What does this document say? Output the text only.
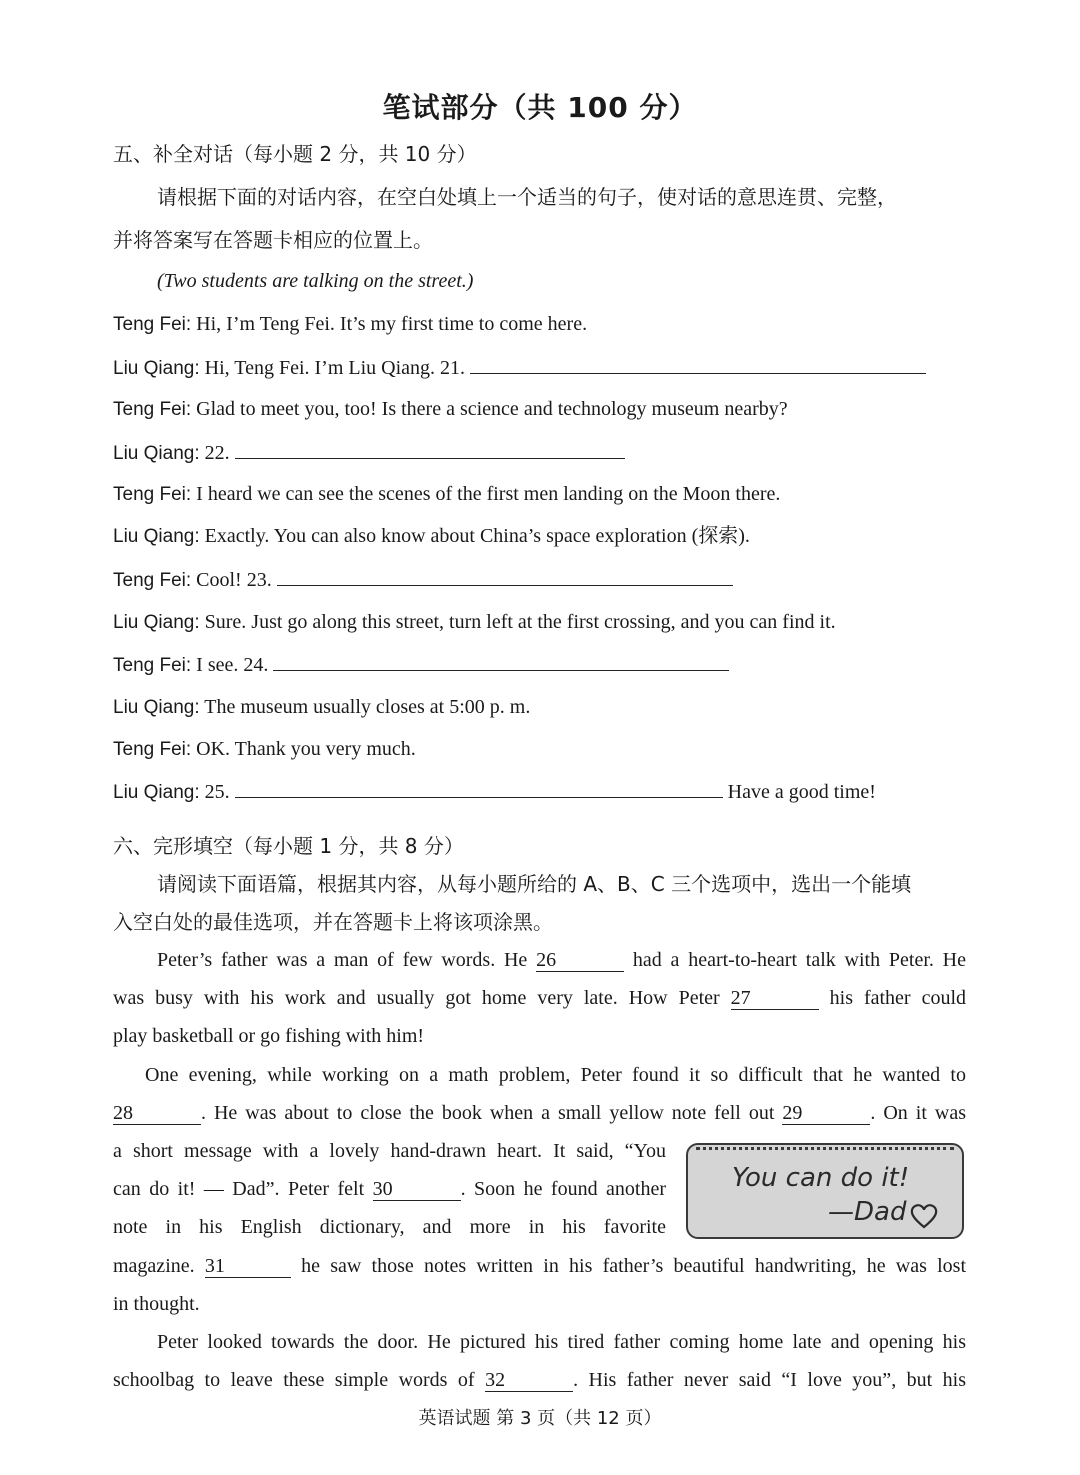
笔试部分（共 100 分）
五、补全对话（每小题 2 分，共 10 分）
请根据下面的对话内容，在空白处填上一个适当的句子，使对话的意思连贯、完整，
并将答案写在答题卡相应的位置上。
(Two students are talking on the street.)
Teng Fei: Hi, I’m Teng Fei. It’s my first time to come here.
Liu Qiang: Hi, Teng Fei. I’m Liu Qiang. 21.
Teng Fei: Glad to meet you, too! Is there a science and technology museum nearby?
Liu Qiang: 22.
Teng Fei: I heard we can see the scenes of the first men landing on the Moon there.
Liu Qiang: Exactly. You can also know about China’s space exploration (探索).
Teng Fei: Cool! 23.
Liu Qiang: Sure. Just go along this street, turn left at the first crossing, and you can find it.
Teng Fei: I see. 24.
Liu Qiang: The museum usually closes at 5:00 p. m.
Teng Fei: OK. Thank you very much.
Liu Qiang: 25.	Have a good time!
六、完形填空（每小题 1 分，共 8 分）
请阅读下面语篇，根据其内容，从每小题所给的 A、B、C 三个选项中，选出一个能填
入空白处的最佳选项，并在答题卡上将该项涂黑。
Peter’s father was a man of few words. He 26	had a heart-to-heart talk with Peter. He
was busy with his work and usually got home very late. How Peter 27	his father could
play basketball or go fishing with him!
One evening, while working on a math problem, Peter found it so difficult that he wanted to
28	. He was about to close the book when a small yellow note fell out 29	. On it was
a short message with a lovely hand-drawn heart. It said, “You
can do it! — Dad”. Peter felt 30	. Soon he found another
note in his English dictionary, and more in his favorite
magazine. 31	he saw those notes written in his father’s beautiful handwriting, he was lost
in thought.
You can do it!
—Dad
Peter looked towards the door. He pictured his tired father coming home late and opening his
schoolbag to leave these simple words of 32	. His father never said “I love you”, but his
英语试题 第 3 页（共 12 页）
